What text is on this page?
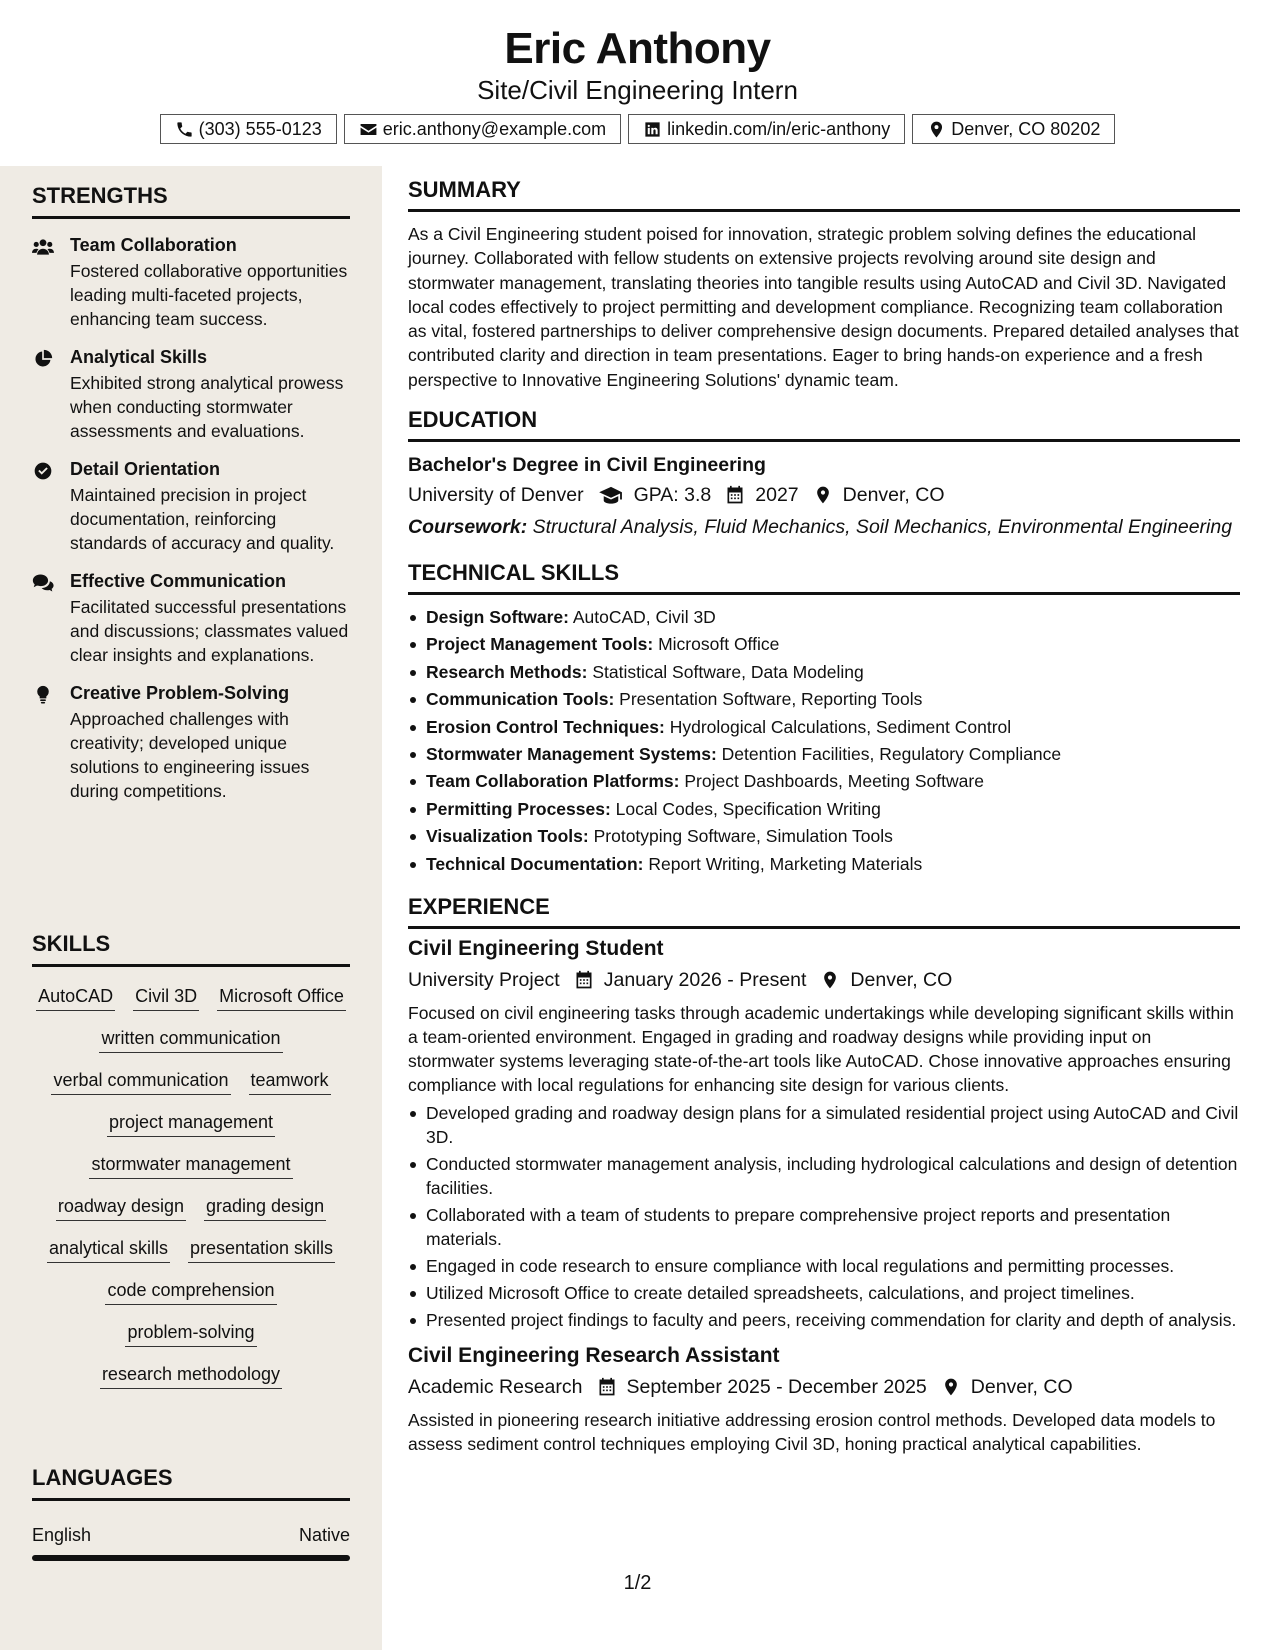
Eric Anthony
Site/Civil Engineering Intern
(303) 555-0123	eric.anthony@example.com	linkedin.com/in/eric-anthony	Denver, CO 80202
STRENGTHS
Team Collaboration
Fostered collaborative opportunities leading multi-faceted projects, enhancing team success.
Analytical Skills
Exhibited strong analytical prowess when conducting stormwater assessments and evaluations.
Detail Orientation
Maintained precision in project documentation, reinforcing standards of accuracy and quality.
Effective Communication
Facilitated successful presentations and discussions; classmates valued clear insights and explanations.
Creative Problem-Solving
Approached challenges with creativity; developed unique solutions to engineering issues during competitions.
SKILLS
AutoCAD Civil 3D Microsoft Office
written communication
verbal communication teamwork
project management
stormwater management
roadway design grading design
analytical skills presentation skills
code comprehension
problem-solving
research methodology
LANGUAGES
English	Native
SUMMARY
As a Civil Engineering student poised for innovation, strategic problem solving defines the educational journey. Collaborated with fellow students on extensive projects revolving around site design and stormwater management, translating theories into tangible results using AutoCAD and Civil 3D. Navigated local codes effectively to project permitting and development compliance. Recognizing team collaboration as vital, fostered partnerships to deliver comprehensive design documents. Prepared detailed analyses that contributed clarity and direction in team presentations. Eager to bring hands-on experience and a fresh perspective to Innovative Engineering Solutions' dynamic team.
EDUCATION
Bachelor's Degree in Civil Engineering
University of Denver	GPA: 3.8 2027 Denver, CO
Coursework: Structural Analysis, Fluid Mechanics, Soil Mechanics, Environmental Engineering
TECHNICAL SKILLS
Design Software: AutoCAD, Civil 3D
Project Management Tools: Microsoft Office
Research Methods: Statistical Software, Data Modeling
Communication Tools: Presentation Software, Reporting Tools
Erosion Control Techniques: Hydrological Calculations, Sediment Control
Stormwater Management Systems: Detention Facilities, Regulatory Compliance
Team Collaboration Platforms: Project Dashboards, Meeting Software
Permitting Processes: Local Codes, Specification Writing
Visualization Tools: Prototyping Software, Simulation Tools
Technical Documentation: Report Writing, Marketing Materials
EXPERIENCE
Civil Engineering Student
University Project January 2026 - Present Denver, CO
Focused on civil engineering tasks through academic undertakings while developing significant skills within a team-oriented environment. Engaged in grading and roadway designs while providing input on stormwater systems leveraging state-of-the-art tools like AutoCAD. Chose innovative approaches ensuring compliance with local regulations for enhancing site design for various clients.
Developed grading and roadway design plans for a simulated residential project using AutoCAD and Civil 3D.
Conducted stormwater management analysis, including hydrological calculations and design of detention facilities.
Collaborated with a team of students to prepare comprehensive project reports and presentation materials.
Engaged in code research to ensure compliance with local regulations and permitting processes.
Utilized Microsoft Office to create detailed spreadsheets, calculations, and project timelines.
Presented project findings to faculty and peers, receiving commendation for clarity and depth of analysis.
Civil Engineering Research Assistant
Academic Research September 2025 - December 2025 Denver, CO
Assisted in pioneering research initiative addressing erosion control methods. Developed data models to assess sediment control techniques employing Civil 3D, honing practical analytical capabilities.
1/2
